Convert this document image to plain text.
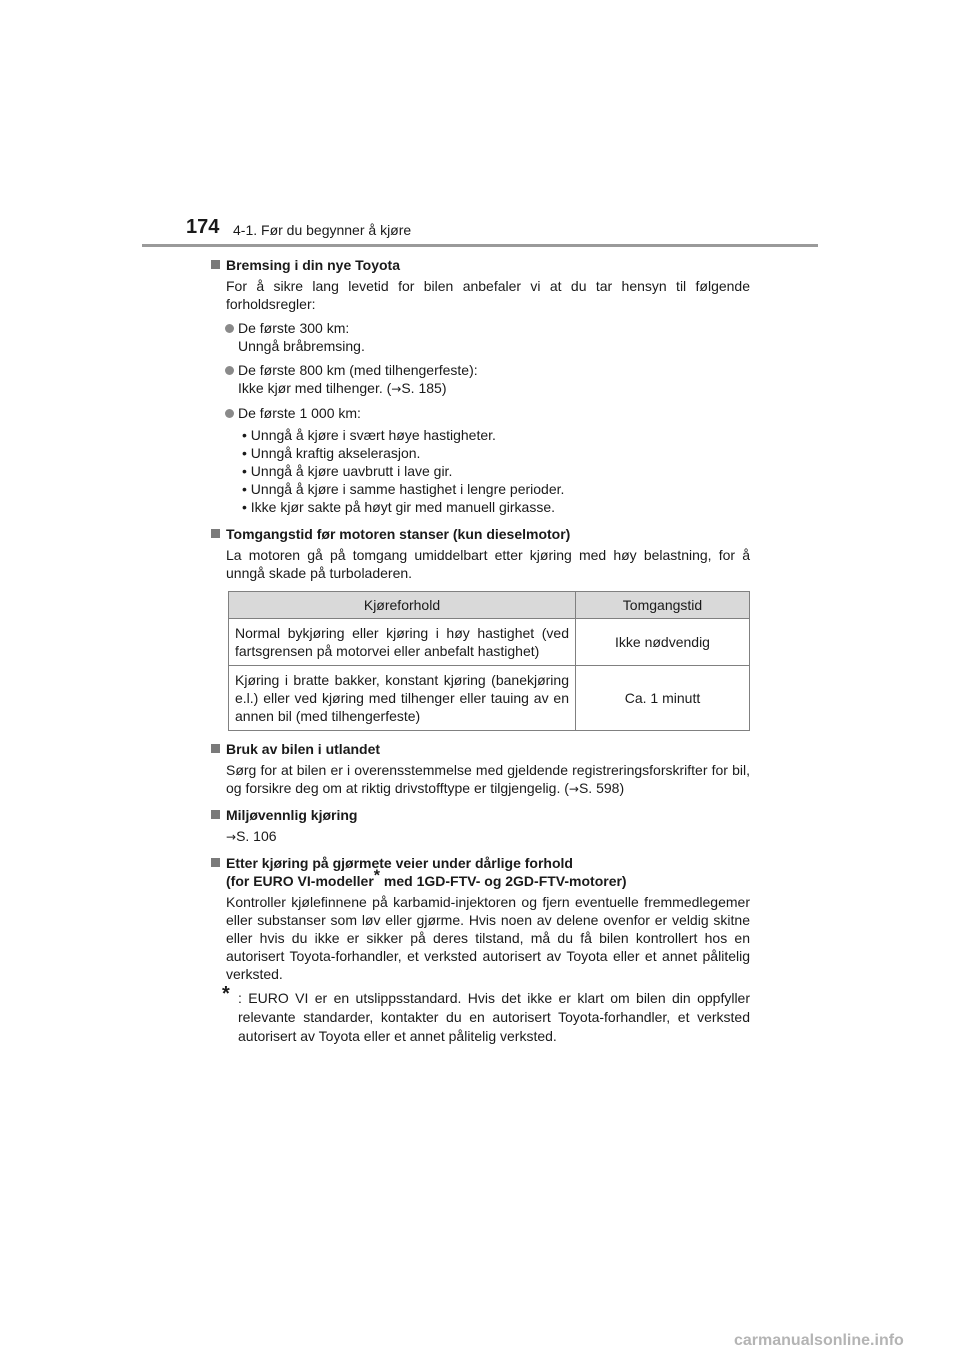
174 4-1. Før du begynner å kjøre
Bremsing i din nye Toyota
For å sikre lang levetid for bilen anbefaler vi at du tar hensyn til følgende forholdsregler:
De første 300 km:
Unngå bråbremsing.
De første 800 km (med tilhengerfeste):
Ikke kjør med tilhenger. (→S. 185)
De første 1 000 km:
• Unngå å kjøre i svært høye hastigheter.
• Unngå kraftig akselerasjon.
• Unngå å kjøre uavbrutt i lave gir.
• Unngå å kjøre i samme hastighet i lengre perioder.
• Ikke kjør sakte på høyt gir med manuell girkasse.
Tomgangstid før motoren stanser (kun dieselmotor)
La motoren gå på tomgang umiddelbart etter kjøring med høy belastning, for å unngå skade på turboladeren.
Kjøreforhold	Tomgangstid
Normal bykjøring eller kjøring i høy hastighet (ved fartsgrensen på motorvei eller anbefalt hastighet)	Ikke nødvendig
Kjøring i bratte bakker, konstant kjøring (banekjøring e.l.) eller ved kjøring med tilhenger eller tauing av en annen bil (med tilhengerfeste)	Ca. 1 minutt
Bruk av bilen i utlandet
Sørg for at bilen er i overensstemmelse med gjeldende registreringsforskrifter for bil, og forsikre deg om at riktig drivstofftype er tilgjengelig. (→S. 598)
Miljøvennlig kjøring
→S. 106
Etter kjøring på gjørmete veier under dårlige forhold
(for EURO VI-modeller* med 1GD-FTV- og 2GD-FTV-motorer)
Kontroller kjølefinnene på karbamid-injektoren og fjern eventuelle fremmedlegemer eller substanser som løv eller gjørme. Hvis noen av delene ovenfor er veldig skitne eller hvis du ikke er sikker på deres tilstand, må du få bilen kontrollert hos en autorisert Toyota-forhandler, et verksted autorisert av Toyota eller et annet pålitelig verksted.
* : EURO VI er en utslippsstandard. Hvis det ikke er klart om bilen din oppfyller relevante standarder, kontakter du en autorisert Toyota-forhandler, et verksted autorisert av Toyota eller et annet pålitelig verksted.
carmanualsonline.info
